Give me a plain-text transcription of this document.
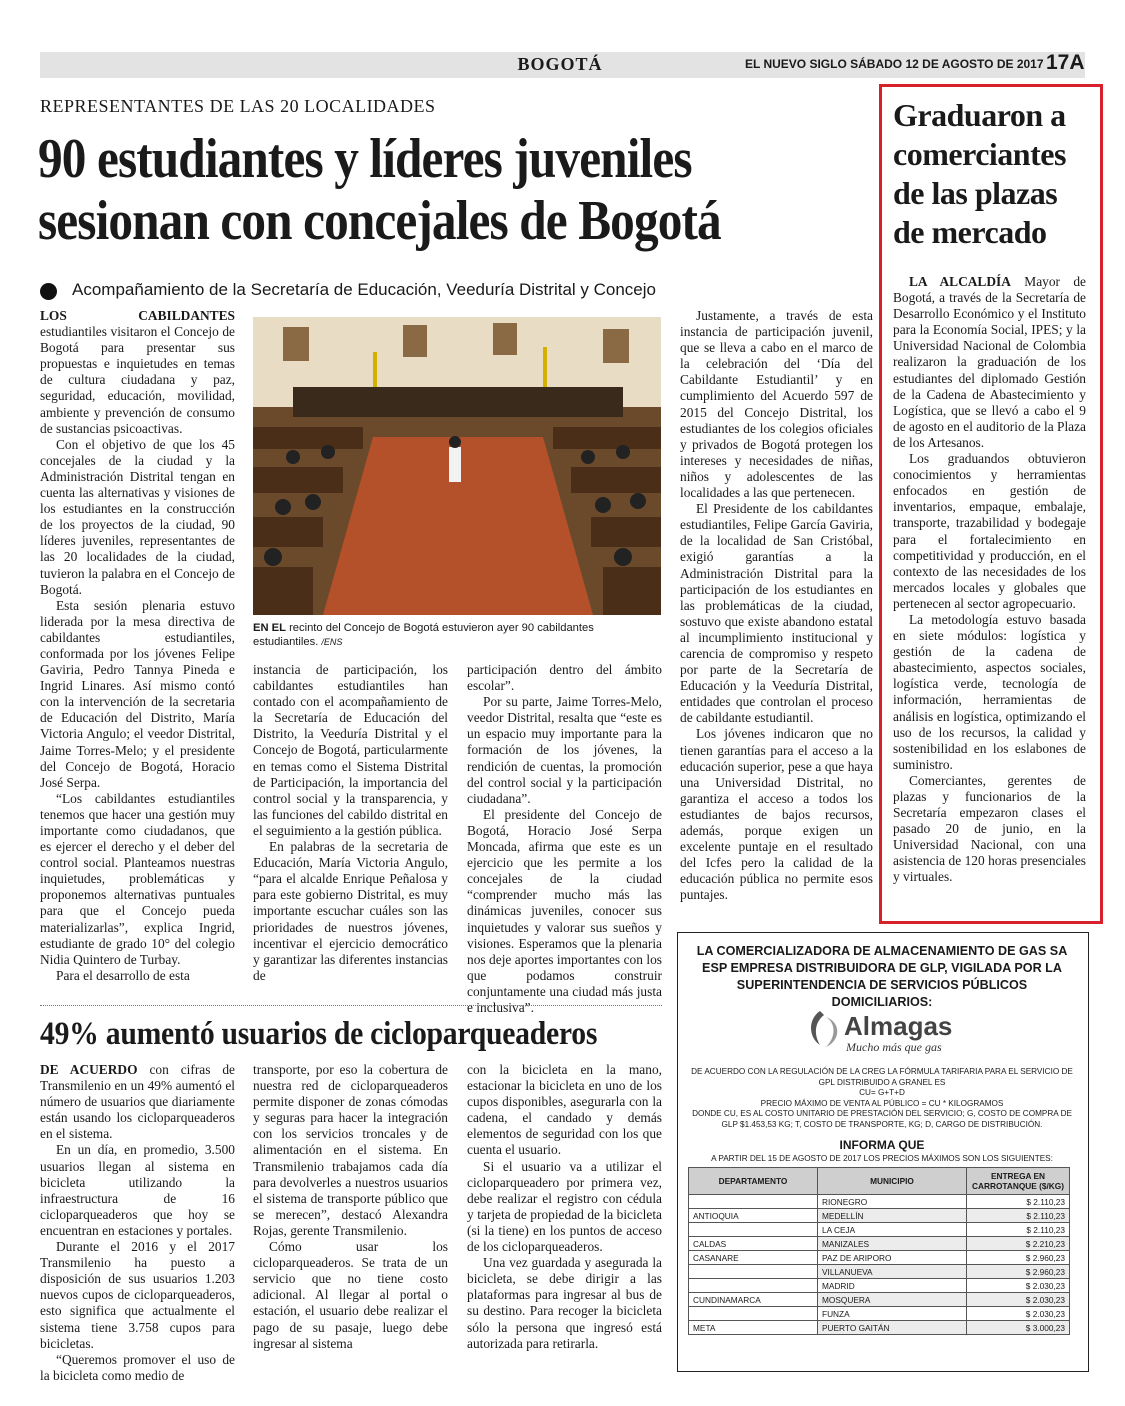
BOGOTÁ	EL NUEVO SIGLO SÁBADO 12 DE AGOSTO DE 2017 17A
REPRESENTANTES DE LAS 20 LOCALIDADES
90 estudiantes y líderes juveniles
sesionan con concejales de Bogotá
Acompañamiento de la Secretaría de Educación, Veeduría Distrital y Concejo

LOS CABILDANTES estudiantiles visitaron el Concejo de Bogotá para presentar sus propuestas e inquietudes en temas de cultura ciudadana y paz, seguridad, educación, movilidad, ambiente y prevención de consumo de sustancias psicoactivas.

Con el objetivo de que los 45 concejales de la ciudad y la Administración Distrital tengan en cuenta las alternativas y visiones de los estudiantes en la construcción de los proyectos de la ciudad, 90 líderes juveniles, representantes de las 20 localidades de la ciudad, tuvieron la palabra en el Concejo de Bogotá.

Esta sesión plenaria estuvo liderada por la mesa directiva de cabildantes estudiantiles, conformada por los jóvenes Felipe Gaviria, Pedro Tannya Pineda e Ingrid Linares. Así mismo contó con la intervención de la secretaria de Educación del Distrito, María Victoria Angulo; el veedor Distrital, Jaime Torres-Melo; y el presidente del Concejo de Bogotá, Horacio José Serpa.

“Los cabildantes estudiantiles tenemos que hacer una gestión muy importante como ciudadanos, que es ejercer el derecho y el deber del control social. Planteamos nuestras inquietudes, problemáticas y proponemos alternativas puntuales para que el Concejo pueda materializarlas”, explica Ingrid, estudiante de grado 10° del colegio Nidia Quintero de Turbay.

Para el desarrollo de esta

EN EL recinto del Concejo de Bogotá estuvieron ayer 90 cabildantes estudiantiles. /ENS

instancia de participación, los cabildantes estudiantiles han contado con el acompañamiento de la Secretaría de Educación del Distrito, la Veeduría Distrital y el Concejo de Bogotá, particularmente en temas como el Sistema Distrital de Participación, la importancia del control social y la transparencia, y las funciones del cabildo distrital en el seguimiento a la gestión pública.

En palabras de la secretaria de Educación, María Victoria Angulo, “para el alcalde Enrique Peñalosa y para este gobierno Distrital, es muy importante escuchar cuáles son las prioridades de nuestros jóvenes, incentivar el ejercicio democrático y garantizar las diferentes instancias de

participación dentro del ámbito escolar”.

Por su parte, Jaime Torres-Melo, veedor Distrital, resalta que “este es un espacio muy importante para la formación de los jóvenes, la rendición de cuentas, la promoción del control social y la participación ciudadana”.

El presidente del Concejo de Bogotá, Horacio José Serpa Moncada, afirma que este es un ejercicio que les permite a los concejales de la ciudad “comprender mucho más las dinámicas juveniles, conocer sus inquietudes y valorar sus sueños y visiones. Esperamos que la plenaria nos deje aportes importantes con los que podamos construir conjuntamente una ciudad más justa e inclusiva”.

Justamente, a través de esta instancia de participación juvenil, que se lleva a cabo en el marco de la celebración del ‘Día del Cabildante Estudiantil’ y en cumplimiento del Acuerdo 597 de 2015 del Concejo Distrital, los estudiantes de los colegios oficiales y privados de Bogotá protegen los intereses y necesidades de niñas, niños y adolescentes de las localidades a las que pertenecen.

El Presidente de los cabildantes estudiantiles, Felipe García Gaviria, de la localidad de San Cristóbal, exigió garantías a la Administración Distrital para la participación de los estudiantes en las problemáticas de la ciudad, sostuvo que existe abandono estatal al incumplimiento institucional y carencia de compromiso y respeto por parte de la Secretaría de Educación y la Veeduría Distrital, entidades que controlan el proceso de cabildante estudiantil.

Los jóvenes indicaron que no tienen garantías para el acceso a la educación superior, pese a que haya una Universidad Distrital, no garantiza el acceso a todos los estudiantes de bajos recursos, además, porque exigen un excelente puntaje en el resultado del Icfes pero la calidad de la educación pública no permite esos puntajes.

49% aumentó usuarios de cicloparqueaderos

DE ACUERDO con cifras de Transmilenio en un 49% aumentó el número de usuarios que diariamente están usando los cicloparqueaderos en el sistema.

En un día, en promedio, 3.500 usuarios llegan al sistema en bicicleta utilizando la infraestructura de 16 cicloparqueaderos que hoy se encuentran en estaciones y portales.

Durante el 2016 y el 2017 Transmilenio ha puesto a disposición de sus usuarios 1.203 nuevos cupos de cicloparqueaderos, esto significa que actualmente el sistema tiene 3.758 cupos para bicicletas.

“Queremos promover el uso de la bicicleta como medio de

transporte, por eso la cobertura de nuestra red de cicloparqueaderos permite disponer de zonas cómodas y seguras para hacer la integración con los servicios troncales y de alimentación en el sistema. En Transmilenio trabajamos cada día para devolverles a nuestros usuarios el sistema de transporte público que se merecen”, destacó Alexandra Rojas, gerente Transmilenio.

Cómo usar los cicloparqueaderos. Se trata de un servicio que no tiene costo adicional. Al llegar al portal o estación, el usuario debe realizar el pago de su pasaje, luego debe ingresar al sistema

con la bicicleta en la mano, estacionar la bicicleta en uno de los cupos disponibles, asegurarla con la cadena, el candado y demás elementos de seguridad con los que cuenta el usuario.

Si el usuario va a utilizar el cicloparqueadero por primera vez, debe realizar el registro con cédula y tarjeta de propiedad de la bicicleta (si la tiene) en los puntos de acceso de los cicloparqueaderos.

Una vez guardada y asegurada la bicicleta, se debe dirigir a las plataformas para ingresar al bus de su destino. Para recoger la bicicleta sólo la persona que ingresó está autorizada para retirarla.

Graduaron a comerciantes de las plazas de mercado

LA ALCALDÍA Mayor de Bogotá, a través de la Secretaría de Desarrollo Económico y el Instituto para la Economía Social, IPES; y la Universidad Nacional de Colombia realizaron la graduación de los estudiantes del diplomado Gestión de la Cadena de Abastecimiento y Logística, que se llevó a cabo el 9 de agosto en el auditorio de la Plaza de los Artesanos.

Los graduandos obtuvieron conocimientos y herramientas enfocados en gestión de inventarios, empaque, embalaje, transporte, trazabilidad y bodegaje para el fortalecimiento en competitividad y producción, en el contexto de las necesidades de los mercados locales y globales que pertenecen al sector agropecuario.

La metodología estuvo basada en siete módulos: logística y gestión de la cadena de abastecimiento, aspectos sociales, logística verde, tecnología de información, herramientas de análisis en logística, optimizando el uso de los recursos, la calidad y sostenibilidad en los eslabones de suministro.

Comerciantes, gerentes de plazas y funcionarios de la Secretaría empezaron clases el pasado 20 de junio, en la Universidad Nacional, con una asistencia de 120 horas presenciales y virtuales.

LA COMERCIALIZADORA DE ALMACENAMIENTO DE GAS SA ESP EMPRESA DISTRIBUIDORA DE GLP, VIGILADA POR LA SUPERINTENDENCIA DE SERVICIOS PÚBLICOS DOMICILIARIOS:
Almagas
Mucho más que gas
DE ACUERDO CON LA REGULACIÓN DE LA CREG LA FÓRMULA TARIFARIA PARA EL SERVICIO DE GPL DISTRIBUIDO A GRANEL ES
CU= G+T+D
PRECIO MÁXIMO DE VENTA AL PÚBLICO = CU * KILOGRAMOS
DONDE CU, ES AL COSTO UNITARIO DE PRESTACIÓN DEL SERVICIO; G, COSTO DE COMPRA DE GLP $1.453,53 KG; T, COSTO DE TRANSPORTE, KG; D, CARGO DE DISTRIBUCIÓN.
INFORMA QUE
A PARTIR DEL 15 DE AGOSTO DE 2017 LOS PRECIOS MÁXIMOS SON LOS SIGUIENTES:
DEPARTAMENTO	MUNICIPIO	ENTREGA EN CARROTANQUE ($/KG)
	RIONEGRO	$ 2.110,23
ANTIOQUIA	MEDELLÍN	$ 2.110,23
	LA CEJA	$ 2.110,23
CALDAS	MANIZALES	$ 2.210,23
CASANARE	PAZ DE ARIPORO	$ 2.960,23
	VILLANUEVA	$ 2.960,23
	MADRID	$ 2.030,23
CUNDINAMARCA	MOSQUERA	$ 2.030,23
	FUNZA	$ 2.030,23
META	PUERTO GAITÁN	$ 3.000,23
